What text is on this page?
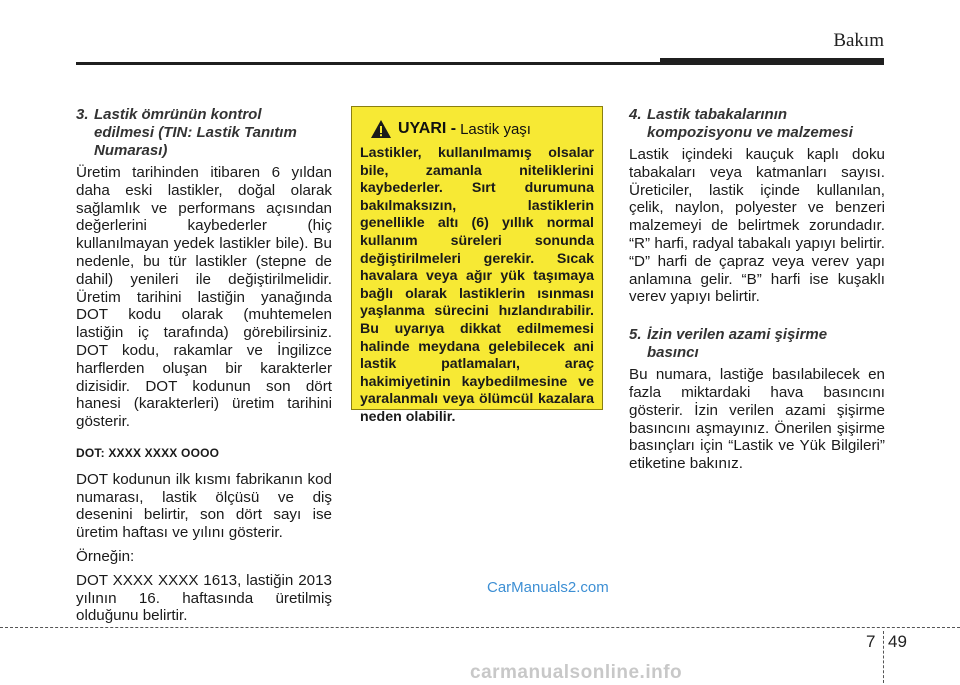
Bakım
3. Lastik ömrünün kontrol
edilmesi (TIN: Lastik Tanıtım Numarası)

Üretim tarihinden itibaren 6 yıldan daha eski lastikler, doğal olarak sağlamlık ve performans açısından değerlerini kaybederler (hiç kullanılmayan yedek lastikler bile). Bu nedenle, bu tür lastikler (stepne de dahil) yenileri ile değiştirilmelidir. Üretim tarihini lastiğin yanağında DOT kodu olarak (muhtemelen lastiğin iç tarafında) görebilirsiniz. DOT kodu, rakamlar ve İngilizce harflerden oluşan bir karakterler dizisidir. DOT kodunun son dört hanesi (karakterleri) üretim tarihini gösterir.

DOT: XXXX XXXX OOOO

DOT kodunun ilk kısmı fabrikanın kod numarası, lastik ölçüsü ve diş desenini belirtir, son dört sayı ise üretim haftası ve yılını gösterir.

Örneğin:

DOT XXXX XXXX 1613, lastiğin 2013 yılının 16. haftasında üretilmiş olduğunu belirtir.

UYARI - Lastik yaşı

Lastikler, kullanılmamış olsalar bile, zamanla niteliklerini kaybederler. Sırt durumuna bakılmaksızın, lastiklerin genellikle altı (6) yıllık normal kullanım süreleri sonunda değiştirilmeleri gerekir. Sıcak havalara veya ağır yük taşımaya bağlı olarak lastiklerin ısınması yaşlanma sürecini hızlandırabilir. Bu uyarıya dikkat edilmemesi halinde meydana gelebilecek ani lastik patlamaları, araç hakimiyetinin kaybedilmesine ve yaralanmalı veya ölümcül kazalara neden olabilir.

4. Lastik tabakalarının
kompozisyonu ve malzemesi

Lastik içindeki kauçuk kaplı doku tabakaları veya katmanları sayısı. Üreticiler, lastik içinde kullanılan, çelik, naylon, polyester ve benzeri malzemeyi de belirtmek zorundadır. “R” harfi, radyal tabakalı yapıyı belirtir. “D” harfi de çapraz veya verev yapı anlamına gelir. “B” harfi ise kuşaklı verev yapıyı belirtir.

5. İzin verilen azami şişirme
basıncı

Bu numara, lastiğe basılabilecek en fazla miktardaki hava basıncını gösterir. İzin verilen azami şişirme basıncını aşmayınız. Önerilen şişirme basınçları için “Lastik ve Yük Bilgileri” etiketine bakınız.

CarManuals2.com
7 49
carmanualsonline.info
